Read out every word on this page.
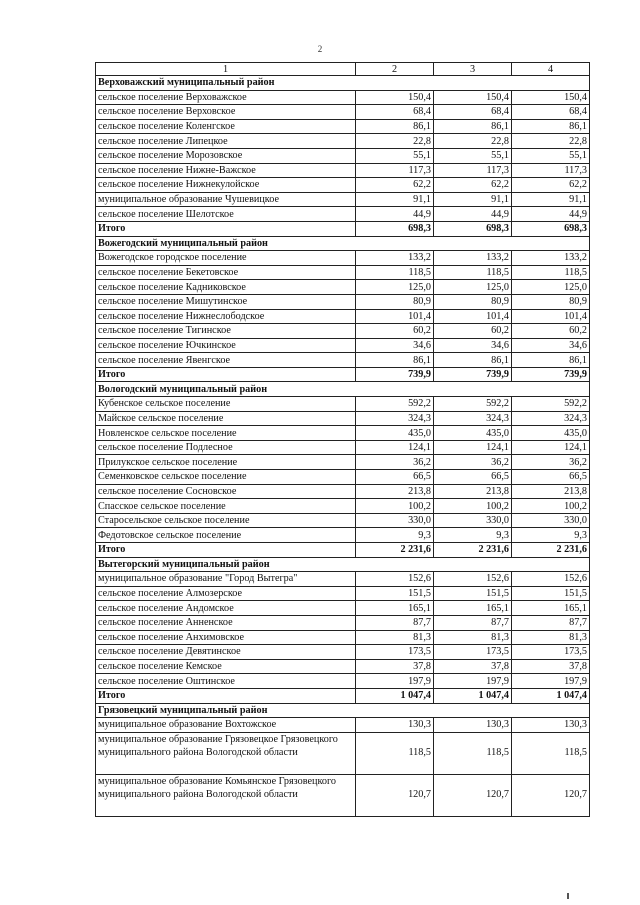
2
1	2	3	4
Верховажский муниципальный район			
сельское поселение Верховажское	150,4	150,4	150,4
сельское поселение Верховское	68,4	68,4	68,4
сельское поселение Коленгское	86,1	86,1	86,1
сельское поселение Липецкое	22,8	22,8	22,8
сельское поселение Морозовское	55,1	55,1	55,1
сельское поселение Нижне-Важское	117,3	117,3	117,3
сельское поселение Нижнекулойское	62,2	62,2	62,2
муниципальное образование Чушевицкое	91,1	91,1	91,1
сельское поселение Шелотское	44,9	44,9	44,9
Итого	698,3	698,3	698,3
Вожегодский муниципальный район			
Вожегодское городское поселение	133,2	133,2	133,2
сельское поселение Бекетовское	118,5	118,5	118,5
сельское поселение Кадниковское	125,0	125,0	125,0
сельское поселение Мишутинское	80,9	80,9	80,9
сельское поселение Нижнеслободское	101,4	101,4	101,4
сельское поселение Тигинское	60,2	60,2	60,2
сельское поселение Ючкинское	34,6	34,6	34,6
сельское поселение Явенгское	86,1	86,1	86,1
Итого	739,9	739,9	739,9
Вологодский муниципальный район			
Кубенское сельское поселение	592,2	592,2	592,2
Майское сельское поселение	324,3	324,3	324,3
Новленское сельское поселение	435,0	435,0	435,0
сельское поселение Подлесное	124,1	124,1	124,1
Прилукское сельское поселение	36,2	36,2	36,2
Семенковское сельское поселение	66,5	66,5	66,5
сельское поселение Сосновское	213,8	213,8	213,8
Спасское сельское поселение	100,2	100,2	100,2
Старосельское сельское поселение	330,0	330,0	330,0
Федотовское сельское поселение	9,3	9,3	9,3
Итого	2 231,6	2 231,6	2 231,6
Вытегорский муниципальный район			
муниципальное образование "Город Вытегра"	152,6	152,6	152,6
сельское поселение Алмозерское	151,5	151,5	151,5
сельское поселение Андомское	165,1	165,1	165,1
сельское поселение Анненское	87,7	87,7	87,7
сельское поселение Анхимовское	81,3	81,3	81,3
сельское поселение Девятинское	173,5	173,5	173,5
сельское поселение Кемское	37,8	37,8	37,8
сельское поселение Оштинское	197,9	197,9	197,9
Итого	1 047,4	1 047,4	1 047,4
Грязовецкий муниципальный район			
муниципальное образование Вохтожское	130,3	130,3	130,3
муниципальное образование Грязовецкое Грязовецкого муниципального района Вологодской области	118,5	118,5	118,5
муниципальное образование Комьянское Грязовецкого муниципального района Вологодской области	120,7	120,7	120,7
